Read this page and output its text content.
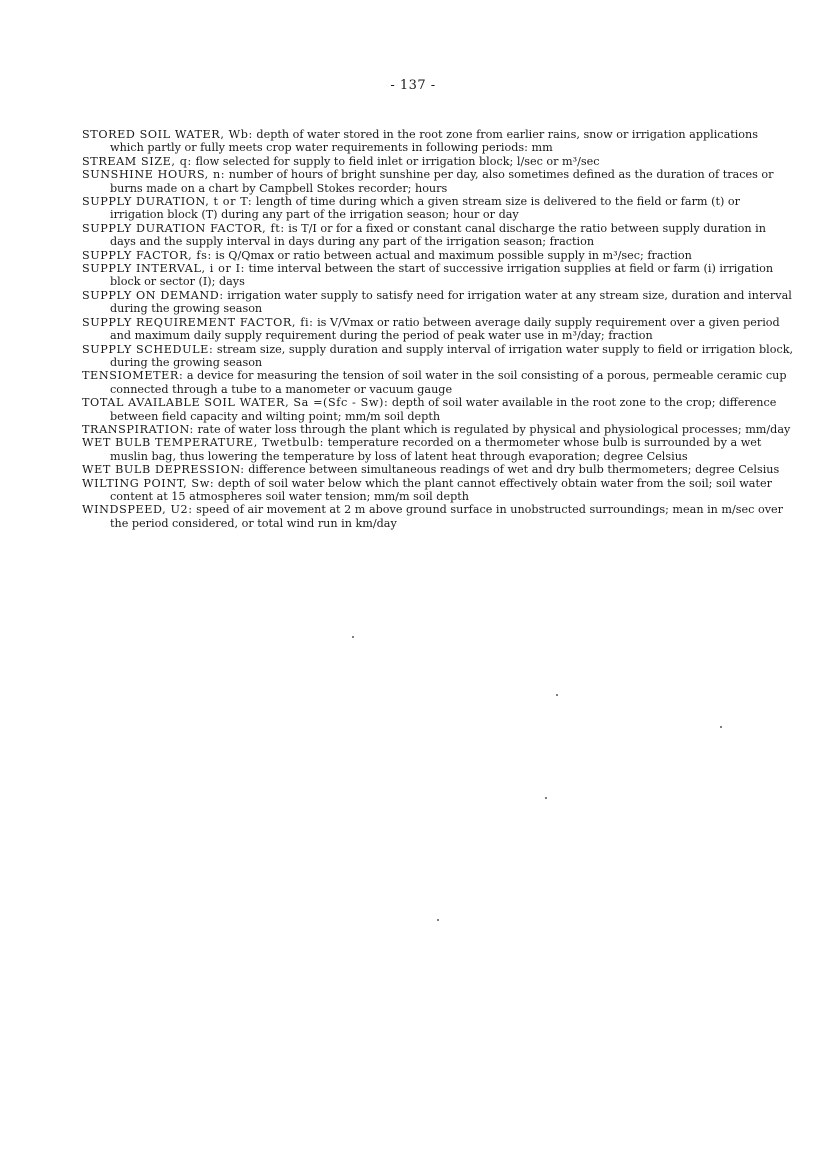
- 137 -

STORED SOIL WATER, Wb: depth of water stored in the root zone from earlier rains, snow or irrigation applications which partly or fully meets crop water requirements in following periods: mm

STREAM SIZE, q: flow selected for supply to field inlet or irrigation block; l/sec or m³/sec

SUNSHINE HOURS, n: number of hours of bright sunshine per day, also sometimes defined as the duration of traces or burns made on a chart by Campbell Stokes recorder; hours

SUPPLY DURATION, t or T: length of time during which a given stream size is delivered to the field or farm (t) or irrigation block (T) during any part of the irrigation season; hour or day

SUPPLY DURATION FACTOR, ft: is T/I or for a fixed or constant canal discharge the ratio between supply duration in days and the supply interval in days during any part of the irrigation season; fraction

SUPPLY FACTOR, fs: is Q/Qmax or ratio between actual and maximum possible supply in m³/sec; fraction

SUPPLY INTERVAL, i or I: time interval between the start of successive irrigation supplies at field or farm (i) irrigation block or sector (I); days

SUPPLY ON DEMAND: irrigation water supply to satisfy need for irrigation water at any stream size, duration and interval during the growing season

SUPPLY REQUIREMENT FACTOR, fi: is V/Vmax or ratio between average daily supply requirement over a given period and maximum daily supply requirement during the period of peak water use in m³/day; fraction

SUPPLY SCHEDULE: stream size, supply duration and supply interval of irrigation water supply to field or irrigation block, during the growing season

TENSIOMETER: a device for measuring the tension of soil water in the soil consisting of a porous, permeable ceramic cup connected through a tube to a manometer or vacuum gauge

TOTAL AVAILABLE SOIL WATER, Sa =(Sfc - Sw): depth of soil water available in the root zone to the crop; difference between field capacity and wilting point; mm/m soil depth

TRANSPIRATION: rate of water loss through the plant which is regulated by physical and physiological processes; mm/day

WET BULB TEMPERATURE, Twetbulb: temperature recorded on a thermometer whose bulb is surrounded by a wet muslin bag, thus lowering the temperature by loss of latent heat through evaporation; degree Celsius

WET BULB DEPRESSION: difference between simultaneous readings of wet and dry bulb thermometers; degree Celsius

WILTING POINT, Sw: depth of soil water below which the plant cannot effectively obtain water from the soil; soil water content at 15 atmospheres soil water tension; mm/m soil depth

WINDSPEED, U2: speed of air movement at 2 m above ground surface in unobstructed surroundings; mean in m/sec over the period considered, or total wind run in km/day
